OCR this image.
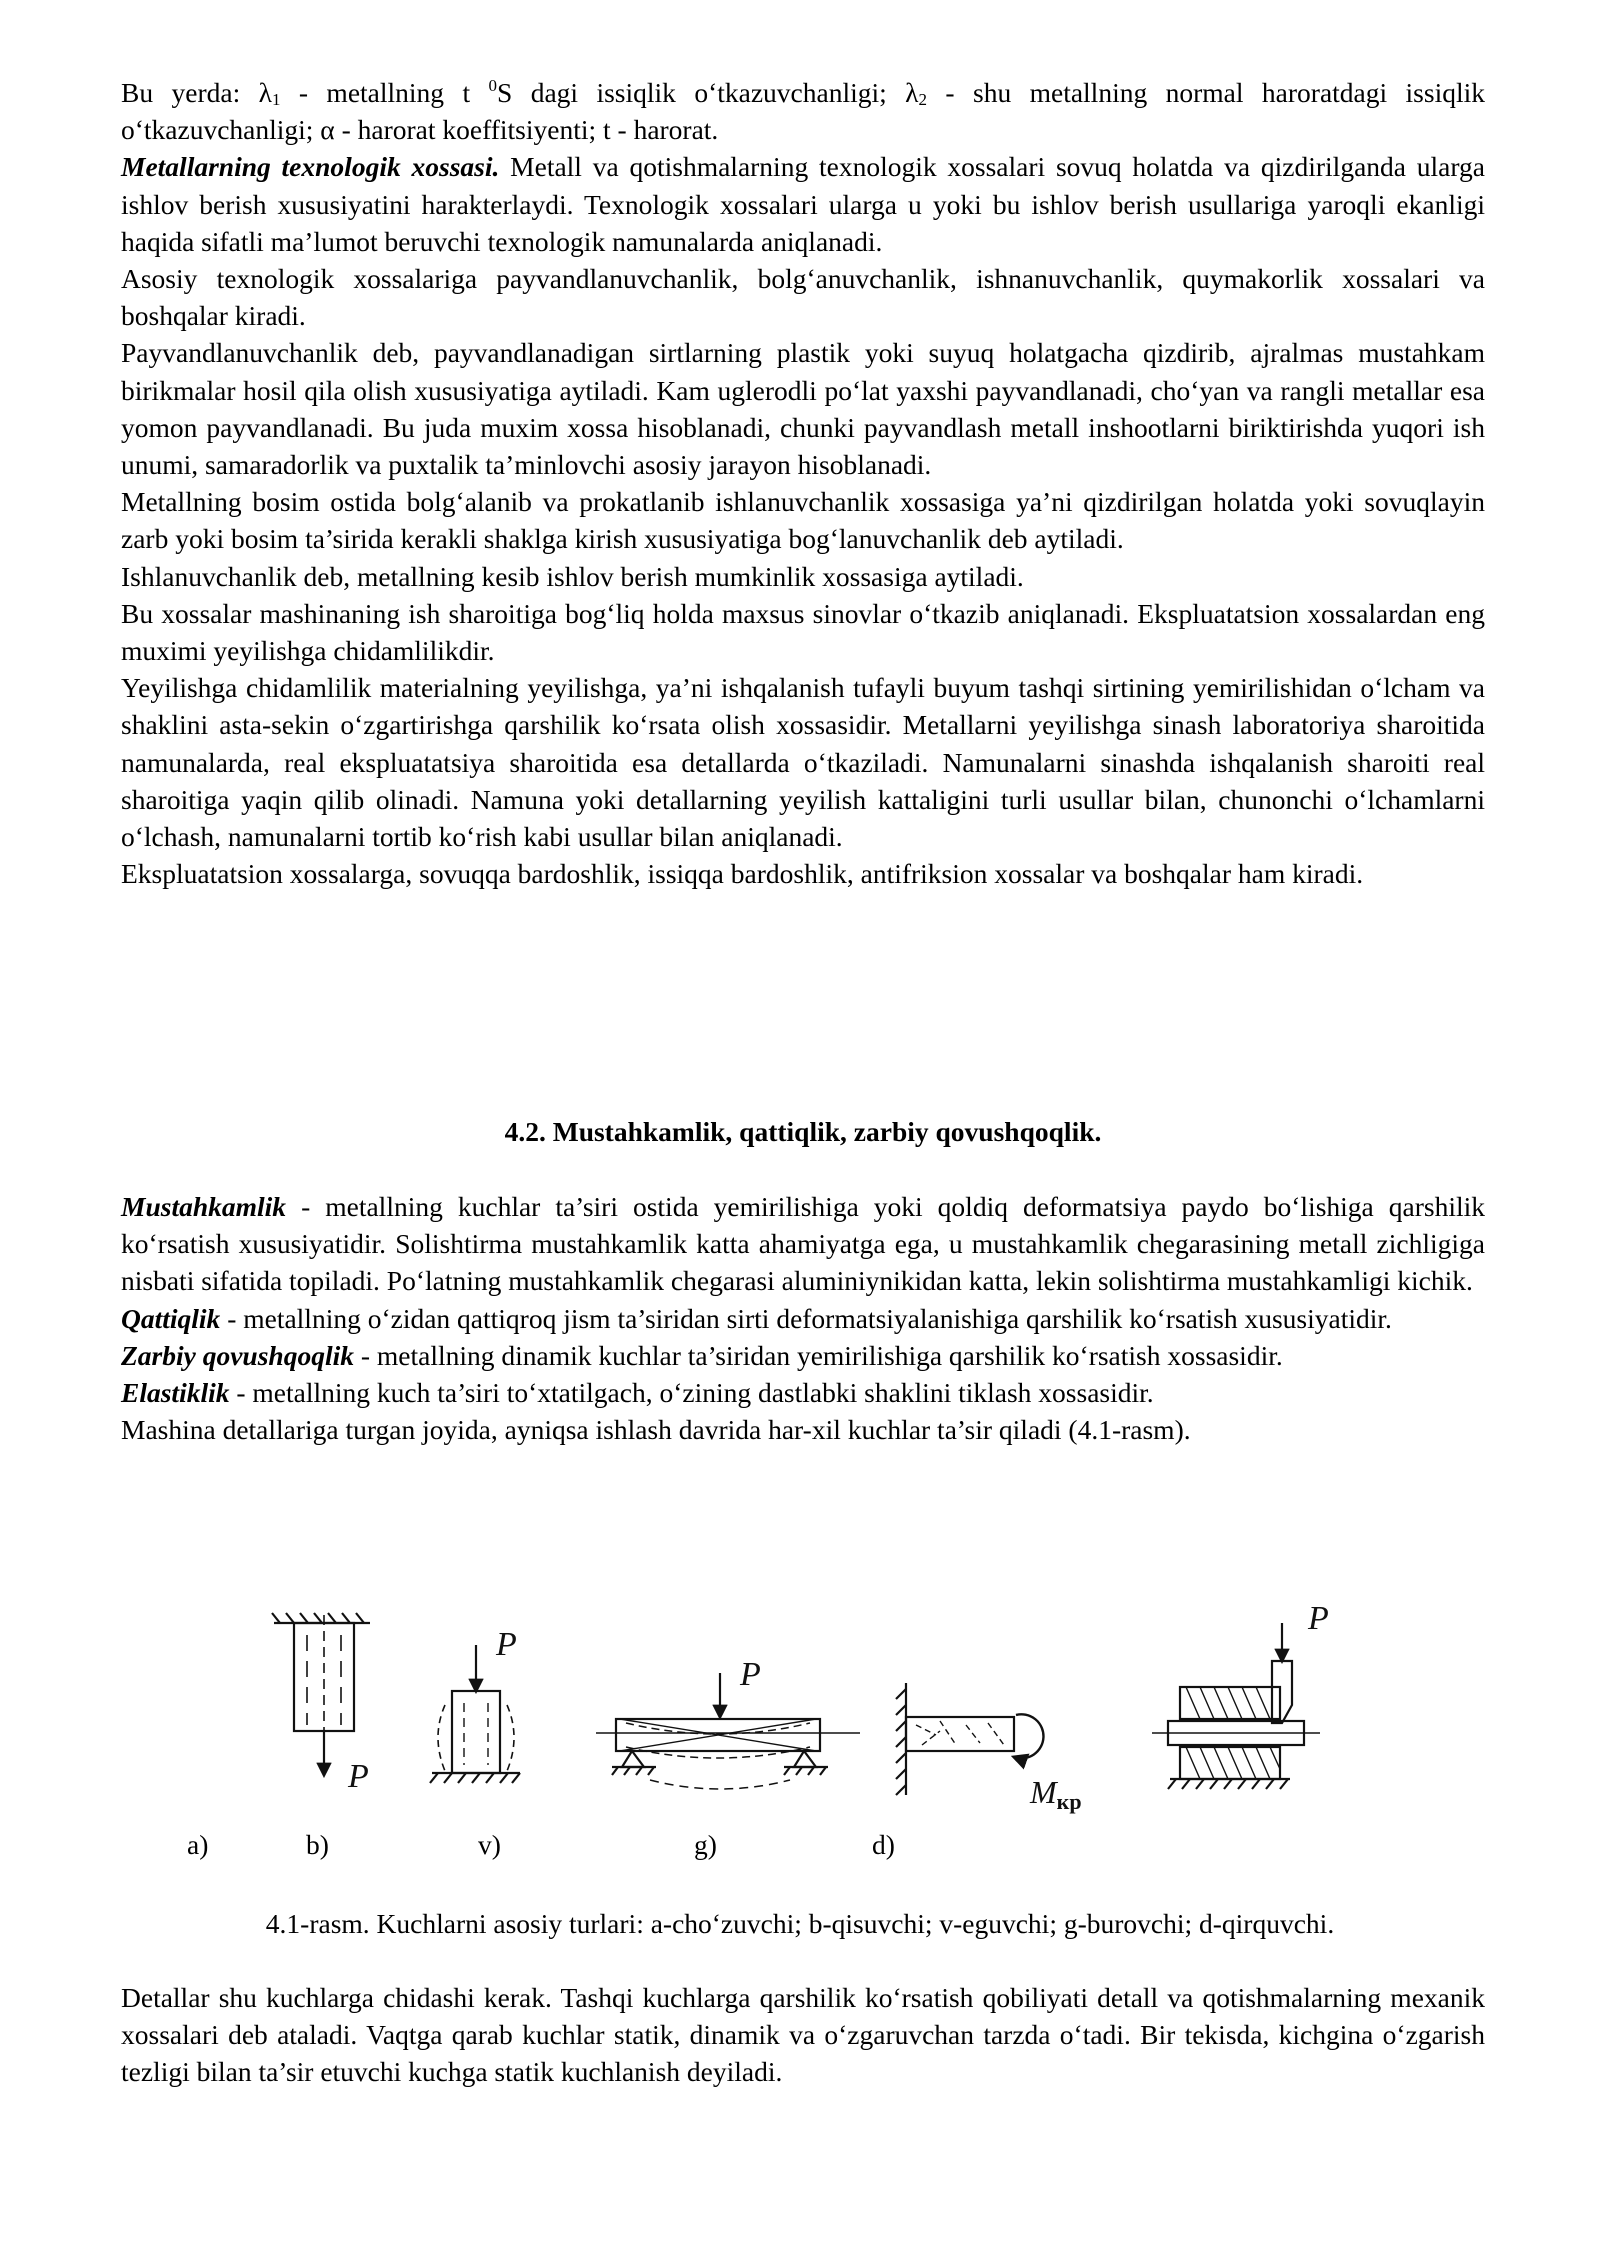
Bu yerda: λ1 - metallning t $^0$S dagi issiqlik o‘tkazuvchanligi; λ2 - shu metallning normal haroratdagi issiqlik o‘tkazuvchanligi; α - harorat koeffitsiyenti; t - harorat.

Metallarning texnologik xossasi. Metall va qotishmalarning texnologik xossalari sovuq holatda va qizdirilganda ularga ishlov berish xususiyatini harakterlaydi. Texnologik xossalari ularga u yoki bu ishlov berish usullariga yaroqli ekanligi haqida sifatli ma’lumot beruvchi texnologik namunalarda aniqlanadi.

Asosiy texnologik xossalariga payvandlanuvchanlik, bolg‘anuvchanlik, ishnanuvchanlik, quymakorlik xossalari va boshqalar kiradi.

Payvandlanuvchanlik deb, payvandlanadigan sirtlarning plastik yoki suyuq holatgacha qizdirib, ajralmas mustahkam birikmalar hosil qila olish xususiyatiga aytiladi. Kam uglerodli po‘lat yaxshi payvandlanadi, cho‘yan va rangli metallar esa yomon payvandlanadi. Bu juda muxim xossa hisoblanadi, chunki payvandlash metall inshootlarni biriktirishda yuqori ish unumi, samaradorlik va puxtalik ta’minlovchi asosiy jarayon hisoblanadi.

Metallning bosim ostida bolg‘alanib va prokatlanib ishlanuvchanlik xossasiga ya’ni qizdirilgan holatda yoki sovuqlayin zarb yoki bosim ta’sirida kerakli shaklga kirish xususiyatiga bog‘lanuvchanlik deb aytiladi.

Ishlanuvchanlik deb, metallning kesib ishlov berish mumkinlik xossasiga aytiladi.

Bu xossalar mashinaning ish sharoitiga bog‘liq holda maxsus sinovlar o‘tkazib aniqlanadi. Ekspluatatsion xossalardan eng muximi yeyilishga chidamlilikdir.

Yeyilishga chidamlilik materialning yeyilishga, ya’ni ishqalanish tufayli buyum tashqi sirtining yemirilishidan o‘lcham va shaklini asta-sekin o‘zgartirishga qarshilik ko‘rsata olish xossasidir. Metallarni yeyilishga sinash laboratoriya sharoitida namunalarda, real ekspluatatsiya sharoitida esa detallarda o‘tkaziladi. Namunalarni sinashda ishqalanish sharoiti real sharoitiga yaqin qilib olinadi. Namuna yoki detallarning yeyilish kattaligini turli usullar bilan, chunonchi o‘lchamlarni o‘lchash, namunalarni tortib ko‘rish kabi usullar bilan aniqlanadi.

Ekspluatatsion xossalarga, sovuqqa bardoshlik, issiqqa bardoshlik, antifriksion xossalar va boshqalar ham kiradi.

4.2. Mustahkamlik, qattiqlik, zarbiy qovushqoqlik.

Mustahkamlik - metallning kuchlar ta’siri ostida yemirilishiga yoki qoldiq deformatsiya paydo bo‘lishiga qarshilik ko‘rsatish xususiyatidir. Solishtirma mustahkamlik katta ahamiyatga ega, u mustahkamlik chegarasining metall zichligiga nisbati sifatida topiladi. Po‘latning mustahkamlik chegarasi aluminiynikidan katta, lekin solishtirma mustahkamligi kichik.

Qattiqlik - metallning o‘zidan qattiqroq jism ta’siridan sirti deformatsiyalanishiga qarshilik ko‘rsatish xususiyatidir.

Zarbiy qovushqoqlik - metallning dinamik kuchlar ta’siridan yemirilishiga qarshilik ko‘rsatish xossasidir.

Elastiklik - metallning kuch ta’siri to‘xtatilgach, o‘zining dastlabki shaklini tiklash xossasidir.

Mashina detallariga turgan joyida, ayniqsa ishlash davrida har-xil kuchlar ta’sir qiladi (4.1-rasm).

P
P
P
Mкр
P
a)	b)	v)	g)	d)
4.1-rasm. Kuchlarni asosiy turlari: a-cho‘zuvchi; b-qisuvchi; v-eguvchi; g-burovchi; d-qirquvchi.

Detallar shu kuchlarga chidashi kerak. Tashqi kuchlarga qarshilik ko‘rsatish qobiliyati detall va qotishmalarning mexanik xossalari deb ataladi. Vaqtga qarab kuchlar statik, dinamik va o‘zgaruvchan tarzda o‘tadi. Bir tekisda, kichgina o‘zgarish tezligi bilan ta’sir etuvchi kuchga statik kuchlanish deyiladi.
